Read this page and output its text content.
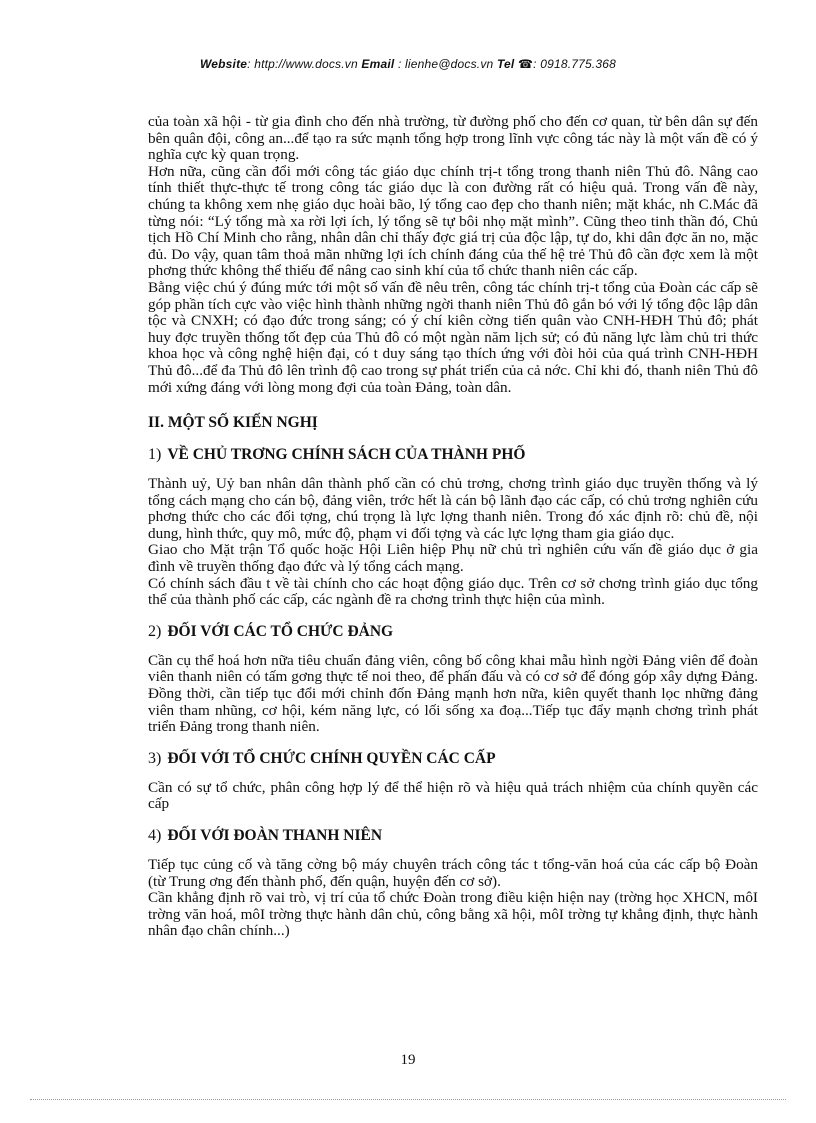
Website: http://www.docs.vn Email : lienhe@docs.vn Tel ☎: 0918.775.368

của toàn xã hội - từ gia đình cho đến nhà trường, từ đường phố cho đến cơ quan, từ bên dân sự đến bên quân đội, công an...để tạo ra sức mạnh tổng hợp trong lĩnh vực công tác này là một vấn đề có ý nghĩa cực kỳ quan trọng.

Hơn nữa, cũng cần đổi mới công tác giáo dục chính trị-t tổng trong thanh niên Thủ đô. Nâng cao tính thiết thực-thực tế trong công tác giáo dục là con đường rất có hiệu quả. Trong vấn đề này, chúng ta không xem nhẹ giáo dục hoài bão, lý tổng cao đẹp cho thanh niên; mặt khác, nh C.Mác đã từng nói: “Lý tổng mà xa rời lợi ích, lý tổng sẽ tự bôi nhọ mặt mình”. Cũng theo tinh thần đó, Chủ tịch Hồ Chí Minh cho rằng, nhân dân chỉ thấy đợc giá trị của độc lập, tự do, khi dân đợc ăn no, mặc đủ. Do vậy, quan tâm thoả mãn những lợi ích chính đáng của thế hệ trẻ Thủ đô cần đợc xem là một phơng thức không thể thiếu để nâng cao sinh khí của tổ chức thanh niên các cấp.

Bằng việc chú ý đúng mức tới một số vấn đề nêu trên, công tác chính trị-t tổng của Đoàn các cấp sẽ góp phần tích cực vào việc hình thành những ngời thanh niên Thủ đô gắn bó với lý tổng độc lập dân tộc và CNXH; có đạo đức trong sáng; có ý chí kiên cờng tiến quân vào CNH-HĐH Thủ đô; phát huy đợc truyền thống tốt đẹp của Thủ đô có một ngàn năm lịch sử; có đủ năng lực làm chủ tri thức khoa học và công nghệ hiện đại, có t duy sáng tạo thích ứng với đòi hỏi của quá trình CNH-HĐH Thủ đô...để đa Thủ đô lên trình độ cao trong sự phát triển của cả nớc. Chỉ khi đó, thanh niên Thủ đô mới xứng đáng với lòng mong đợi của toàn Đảng, toàn dân.

II. MỘT SỐ KIẾN NGHỊ
1) VỀ CHỦ TRƠNG CHÍNH SÁCH CỦA THÀNH PHỐ

Thành uỷ, Uỷ ban nhân dân thành phố cần có chủ trơng, chơng trình giáo dục truyền thống và lý tổng cách mạng cho cán bộ, đảng viên, trớc hết là cán bộ lãnh đạo các cấp, có chủ trơng nghiên cứu phơng thức cho các đối tợng, chú trọng là lực lợng thanh niên. Trong đó xác định rõ: chủ đề, nội dung, hình thức, quy mô, mức độ, phạm vi đối tợng và các lực lợng tham gia giáo dục.

Giao cho Mặt trận Tổ quốc hoặc Hội Liên hiệp Phụ nữ chủ trì nghiên cứu vấn đề giáo dục ở gia đình về truyền thống đạo đức và lý tổng cách mạng.

Có chính sách đầu t về tài chính cho các hoạt động giáo dục. Trên cơ sở chơng trình giáo dục tổng thể của thành phố các cấp, các ngành đề ra chơng trình thực hiện của mình.

2) ĐỐI VỚI CÁC TỔ CHỨC ĐẢNG

Cần cụ thể hoá hơn nữa tiêu chuẩn đảng viên, công bố công khai mẫu hình ngời Đảng viên để đoàn viên thanh niên có tấm gơng thực tế noi theo, để phấn đấu và có cơ sở để đóng góp xây dựng Đảng. Đồng thời, cần tiếp tục đổi mới chỉnh đốn Đảng mạnh hơn nữa, kiên quyết thanh lọc những đảng viên tham nhũng, cơ hội, kém năng lực, có lối sống xa đoạ...Tiếp tục đẩy mạnh chơng trình phát triển Đảng trong thanh niên.

3) ĐỐI VỚI TỔ CHỨC CHÍNH QUYỀN CÁC CẤP

Cần có sự tổ chức, phân công hợp lý để thể hiện rõ và hiệu quả trách nhiệm của chính quyền các cấp

4) ĐỐI VỚI ĐOÀN THANH NIÊN

Tiếp tục củng cố và tăng cờng bộ máy chuyên trách công tác t tổng-văn hoá của các cấp bộ Đoàn (từ Trung ơng đến thành phố, đến quận, huyện đến cơ sở).

Cần khẳng định rõ vai trò, vị trí của tổ chức Đoàn trong điều kiện hiện nay (trờng học XHCN, môI trờng văn hoá, môI trờng thực hành dân chủ, công bằng xã hội, môI trờng tự khẳng định, thực hành nhân đạo chân chính...)

19
